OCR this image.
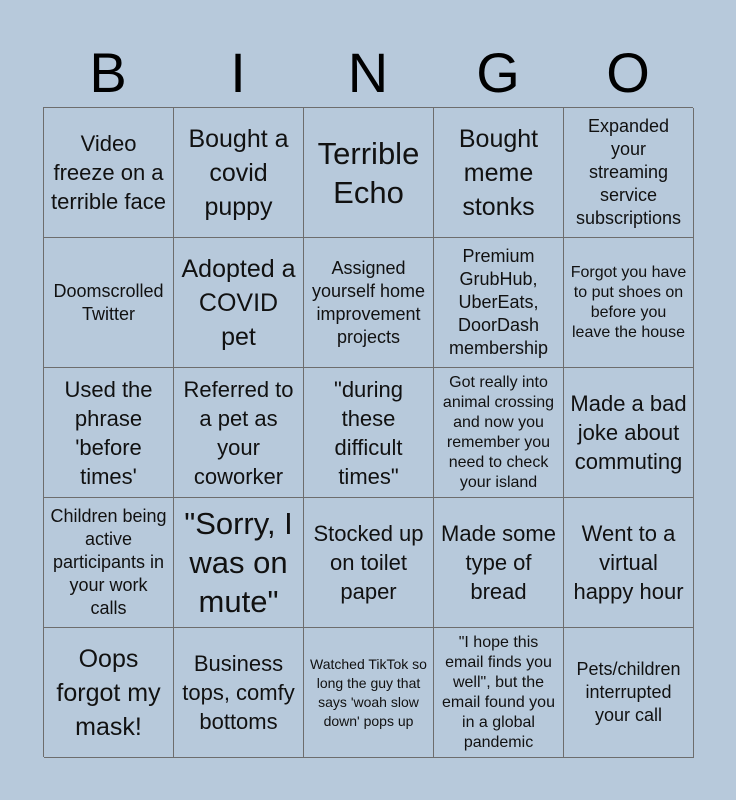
B	I	N	G	O
Video freeze on a terrible face
Bought a covid puppy
Terrible Echo
Bought meme stonks
Expanded your streaming service subscriptions
Doomscrolled Twitter
Adopted a COVID pet
Assigned yourself home improvement projects
Premium GrubHub, UberEats, DoorDash membership
Forgot you have to put shoes on before you leave the house
Used the phrase 'before times'
Referred to a pet as your coworker
"during these difficult times"
Got really into animal crossing and now you remember you need to check your island
Made a bad joke about commuting
Children being active participants in your work calls
"Sorry, I was on mute"
Stocked up on toilet paper
Made some type of bread
Went to a virtual happy hour
Oops forgot my mask!
Business tops, comfy bottoms
Watched TikTok so long the guy that says 'woah slow down' pops up
"I hope this email finds you well", but the email found you in a global pandemic
Pets/children interrupted your call
